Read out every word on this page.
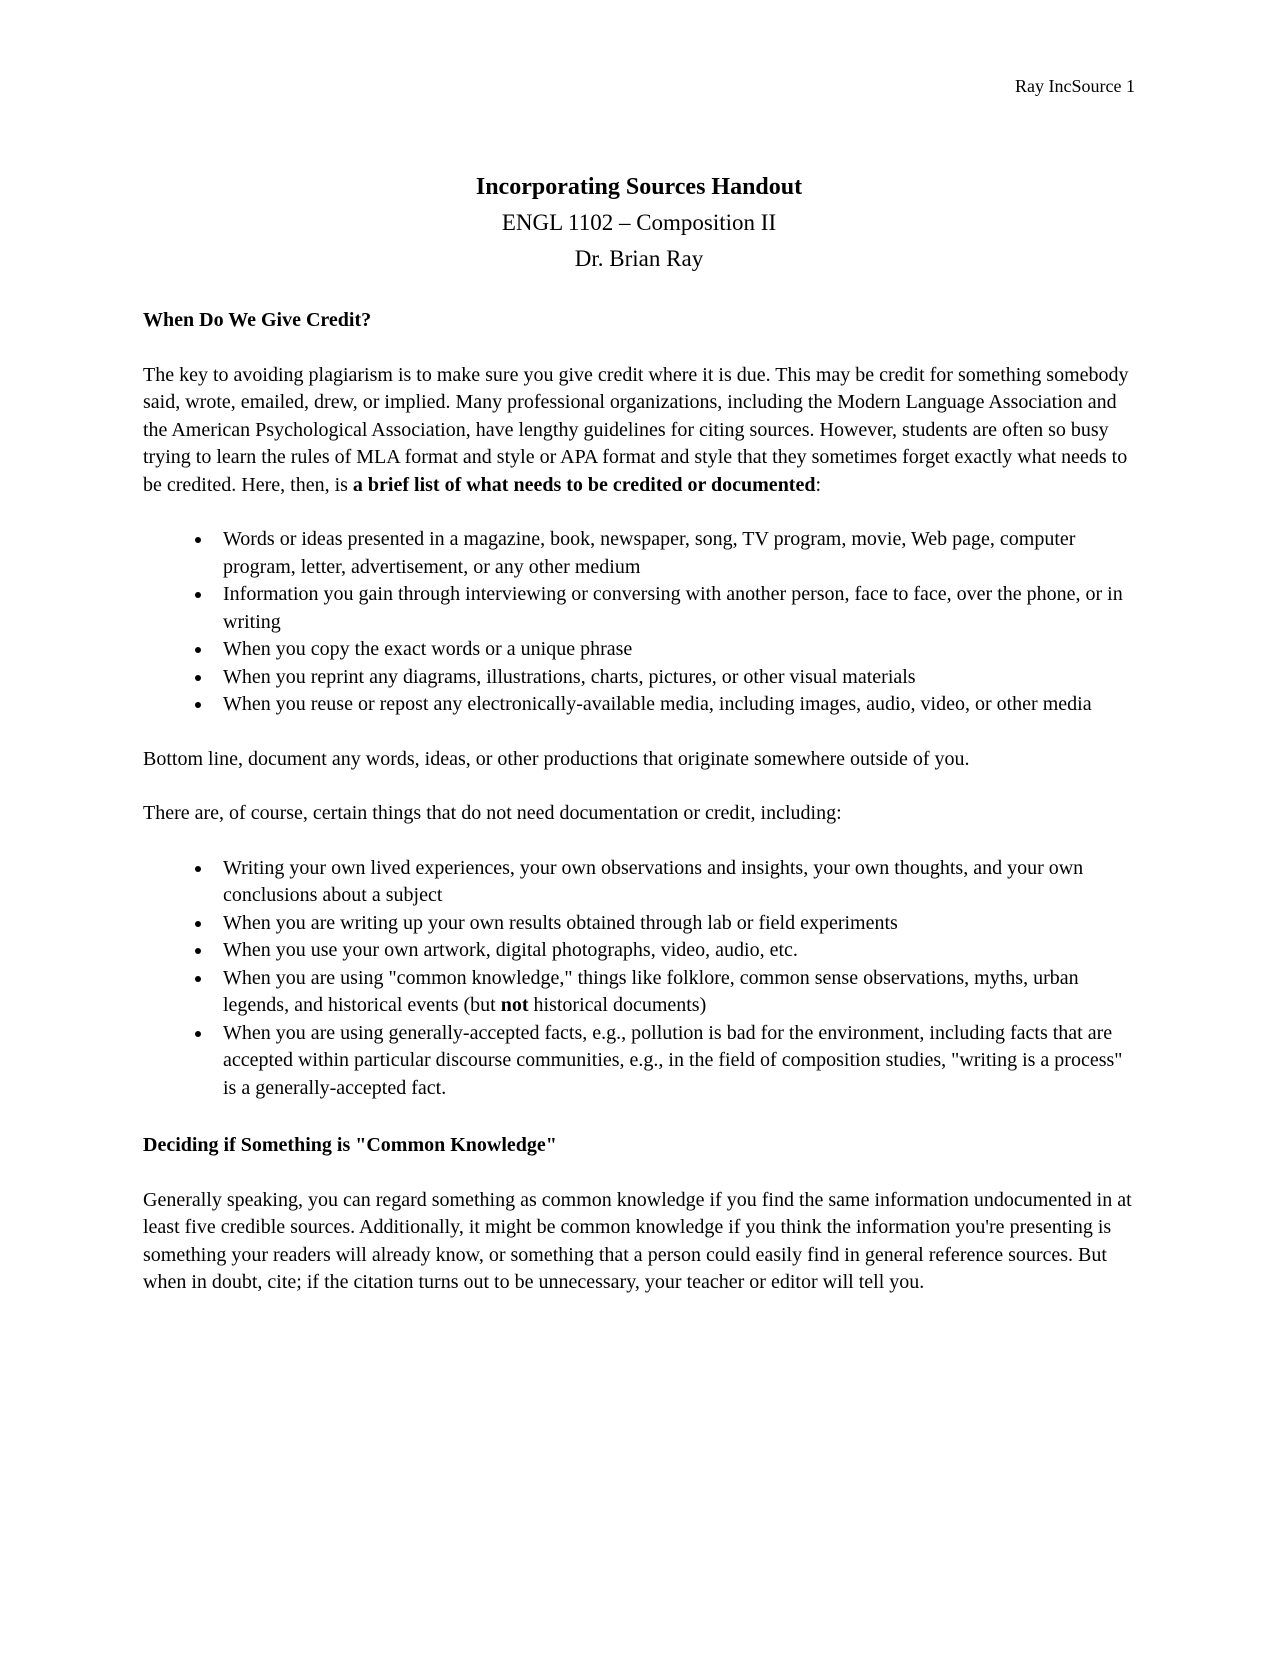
Ray IncSource 1
Incorporating Sources Handout
ENGL 1102 – Composition II
Dr. Brian Ray
When Do We Give Credit?

The key to avoiding plagiarism is to make sure you give credit where it is due. This may be credit for something somebody said, wrote, emailed, drew, or implied. Many professional organizations, including the Modern Language Association and the American Psychological Association, have lengthy guidelines for citing sources. However, students are often so busy trying to learn the rules of MLA format and style or APA format and style that they sometimes forget exactly what needs to be credited. Here, then, is a brief list of what needs to be credited or documented:

• Words or ideas presented in a magazine, book, newspaper, song, TV program, movie, Web page, computer program, letter, advertisement, or any other medium
• Information you gain through interviewing or conversing with another person, face to face, over the phone, or in writing
• When you copy the exact words or a unique phrase
• When you reprint any diagrams, illustrations, charts, pictures, or other visual materials
• When you reuse or repost any electronically-available media, including images, audio, video, or other media

Bottom line, document any words, ideas, or other productions that originate somewhere outside of you.

There are, of course, certain things that do not need documentation or credit, including:

• Writing your own lived experiences, your own observations and insights, your own thoughts, and your own conclusions about a subject
• When you are writing up your own results obtained through lab or field experiments
• When you use your own artwork, digital photographs, video, audio, etc.
• When you are using "common knowledge," things like folklore, common sense observations, myths, urban legends, and historical events (but not historical documents)
• When you are using generally-accepted facts, e.g., pollution is bad for the environment, including facts that are accepted within particular discourse communities, e.g., in the field of composition studies, "writing is a process" is a generally-accepted fact.
Deciding if Something is "Common Knowledge"

Generally speaking, you can regard something as common knowledge if you find the same information undocumented in at least five credible sources. Additionally, it might be common knowledge if you think the information you're presenting is something your readers will already know, or something that a person could easily find in general reference sources. But when in doubt, cite; if the citation turns out to be unnecessary, your teacher or editor will tell you.
